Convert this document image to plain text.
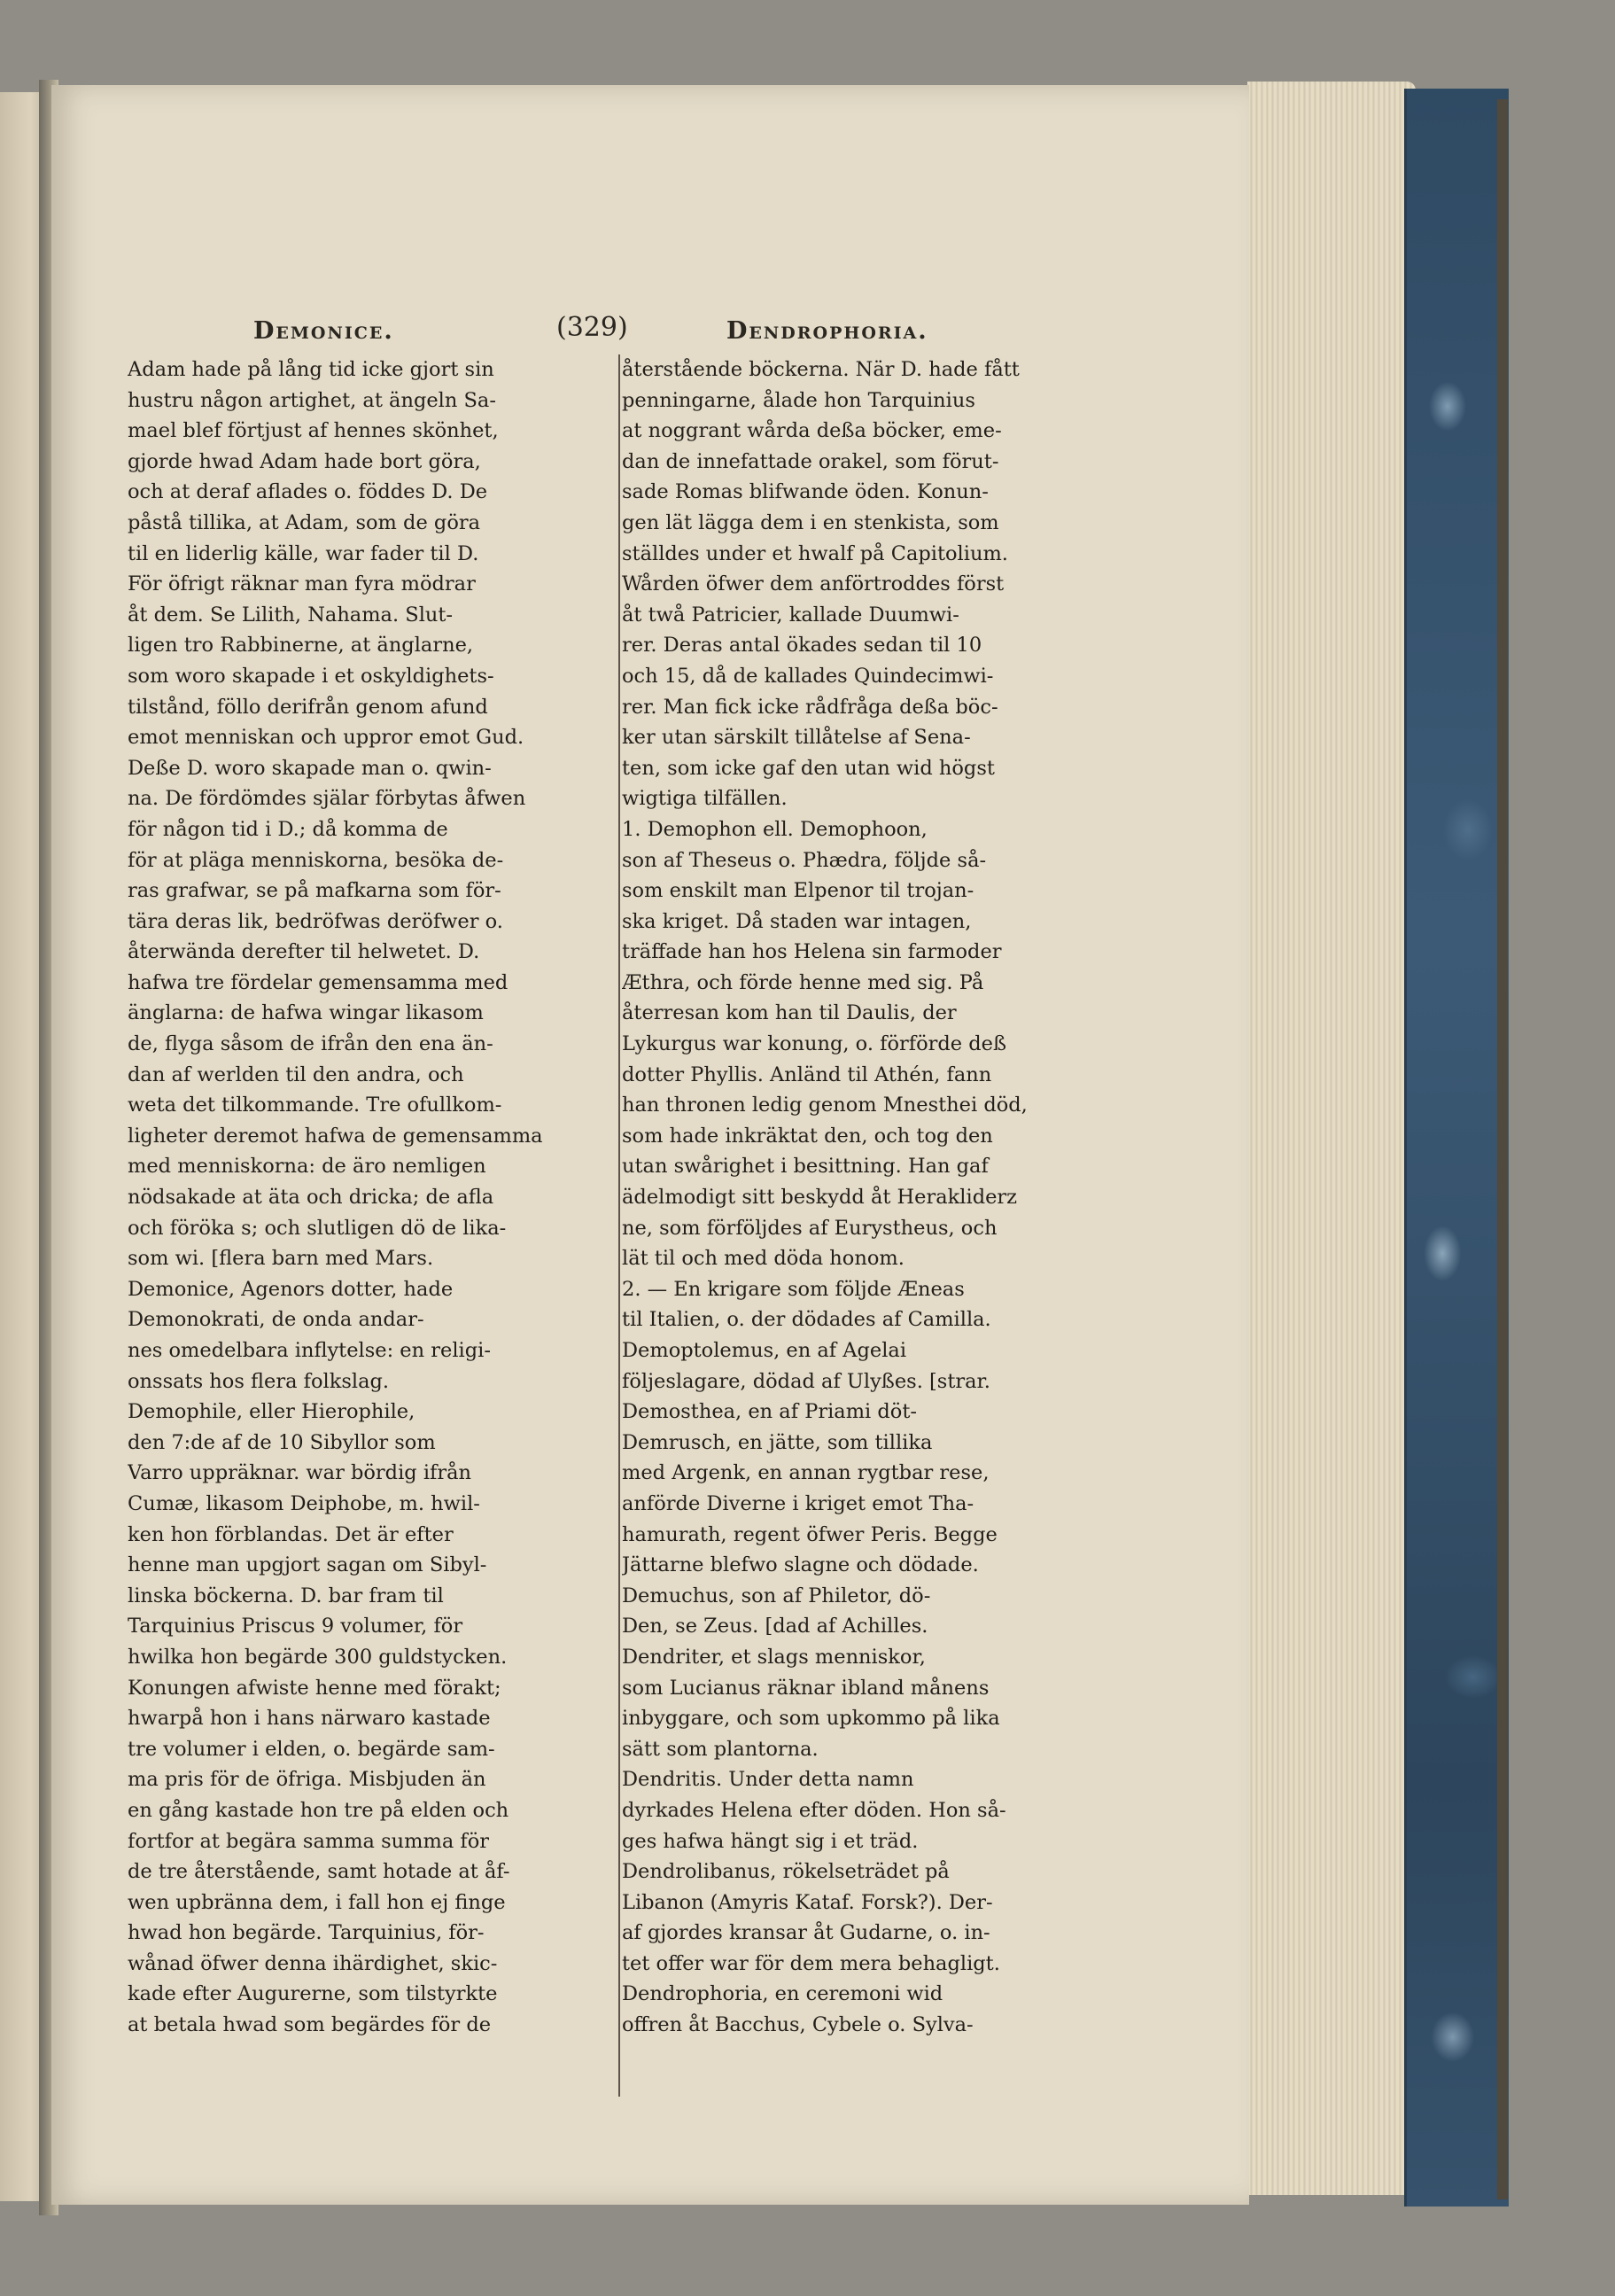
Demonice.	(329)	Dendrophoria.
Adam hade på lång tid icke gjort sin
hustru någon artighet, at ängeln Sa-
mael blef förtjust af hennes skönhet,
gjorde hwad Adam hade bort göra,
och at deraf aflades o. föddes D. De
påstå tillika, at Adam, som de göra
til en liderlig källe, war fader til D.
För öfrigt räknar man fyra mödrar
åt dem. Se Lilith, Nahama. Slut-
ligen tro Rabbinerne, at änglarne,
som woro skapade i et oskyldighets-
tilstånd, föllo derifrån genom afund
emot menniskan och uppror emot Gud.
Deße D. woro skapade man o. qwin-
na. De fördömdes själar förbytas åfwen
för någon tid i D.; då komma de
för at pläga menniskorna, besöka de-
ras grafwar, se på mafkarna som för-
tära deras lik, bedröfwas deröfwer o.
återwända derefter til helwetet. D.
hafwa tre fördelar gemensamma med
änglarna: de hafwa wingar likasom
de, flyga såsom de ifrån den ena än-
dan af werlden til den andra, och
weta det tilkommande. Tre ofullkom-
ligheter deremot hafwa de gemensamma
med menniskorna: de äro nemligen
nödsakade at äta och dricka; de afla
och föröka s; och slutligen dö de lika-
som wi. [flera barn med Mars.
Demonice, Agenors dotter, hade
Demonokrati, de onda andar-
nes omedelbara inflytelse: en religi-
onssats hos flera folkslag.
Demophile, eller Hierophile,
den 7:de af de 10 Sibyllor som
Varro uppräknar. war bördig ifrån
Cumæ, likasom Deiphobe, m. hwil-
ken hon förblandas. Det är efter
henne man upgjort sagan om Sibyl-
linska böckerna. D. bar fram til
Tarquinius Priscus 9 volumer, för
hwilka hon begärde 300 guldstycken.
Konungen afwiste henne med förakt;
hwarpå hon i hans närwaro kastade
tre volumer i elden, o. begärde sam-
ma pris för de öfriga. Misbjuden än
en gång kastade hon tre på elden och
fortfor at begära samma summa för
de tre återstående, samt hotade at åf-
wen upbränna dem, i fall hon ej finge
hwad hon begärde. Tarquinius, för-
wånad öfwer denna ihärdighet, skic-
kade efter Augurerne, som tilstyrkte
at betala hwad som begärdes för de
återstående böckerna. När D. hade fått
penningarne, ålade hon Tarquinius
at noggrant wårda deßa böcker, eme-
dan de innefattade orakel, som förut-
sade Romas blifwande öden. Konun-
gen lät lägga dem i en stenkista, som
ställdes under et hwalf på Capitolium.
Wården öfwer dem anförtroddes först
åt twå Patricier, kallade Duumwi-
rer. Deras antal ökades sedan til 10
och 15, då de kallades Quindecimwi-
rer. Man fick icke rådfråga deßa böc-
ker utan särskilt tillåtelse af Sena-
ten, som icke gaf den utan wid högst
wigtiga tilfällen.
1. Demophon ell. Demophoon,
son af Theseus o. Phædra, följde så-
som enskilt man Elpenor til trojan-
ska kriget. Då staden war intagen,
träffade han hos Helena sin farmoder
Æthra, och förde henne med sig. På
återresan kom han til Daulis, der
Lykurgus war konung, o. förförde deß
dotter Phyllis. Anländ til Athén, fann
han thronen ledig genom Mnesthei död,
som hade inkräktat den, och tog den
utan swårighet i besittning. Han gaf
ädelmodigt sitt beskydd åt Herakliderz
ne, som förföljdes af Eurystheus, och
lät til och med döda honom.
2. — En krigare som följde Æneas
til Italien, o. der dödades af Camilla.
Demoptolemus, en af Agelai
följeslagare, dödad af Ulyßes. [strar.
Demosthea, en af Priami döt-
Demrusch, en jätte, som tillika
med Argenk, en annan rygtbar rese,
anförde Diverne i kriget emot Tha-
hamurath, regent öfwer Peris. Begge
Jättarne blefwo slagne och dödade.
Demuchus, son af Philetor, dö-
Den, se Zeus. [dad af Achilles.
Dendriter, et slags menniskor,
som Lucianus räknar ibland månens
inbyggare, och som upkommo på lika
sätt som plantorna.
Dendritis. Under detta namn
dyrkades Helena efter döden. Hon så-
ges hafwa hängt sig i et träd.
Dendrolibanus, rökelseträdet på
Libanon (Amyris Kataf. Forsk?). Der-
af gjordes kransar åt Gudarne, o. in-
tet offer war för dem mera behagligt.
Dendrophoria, en ceremoni wid
offren åt Bacchus, Cybele o. Sylva-
